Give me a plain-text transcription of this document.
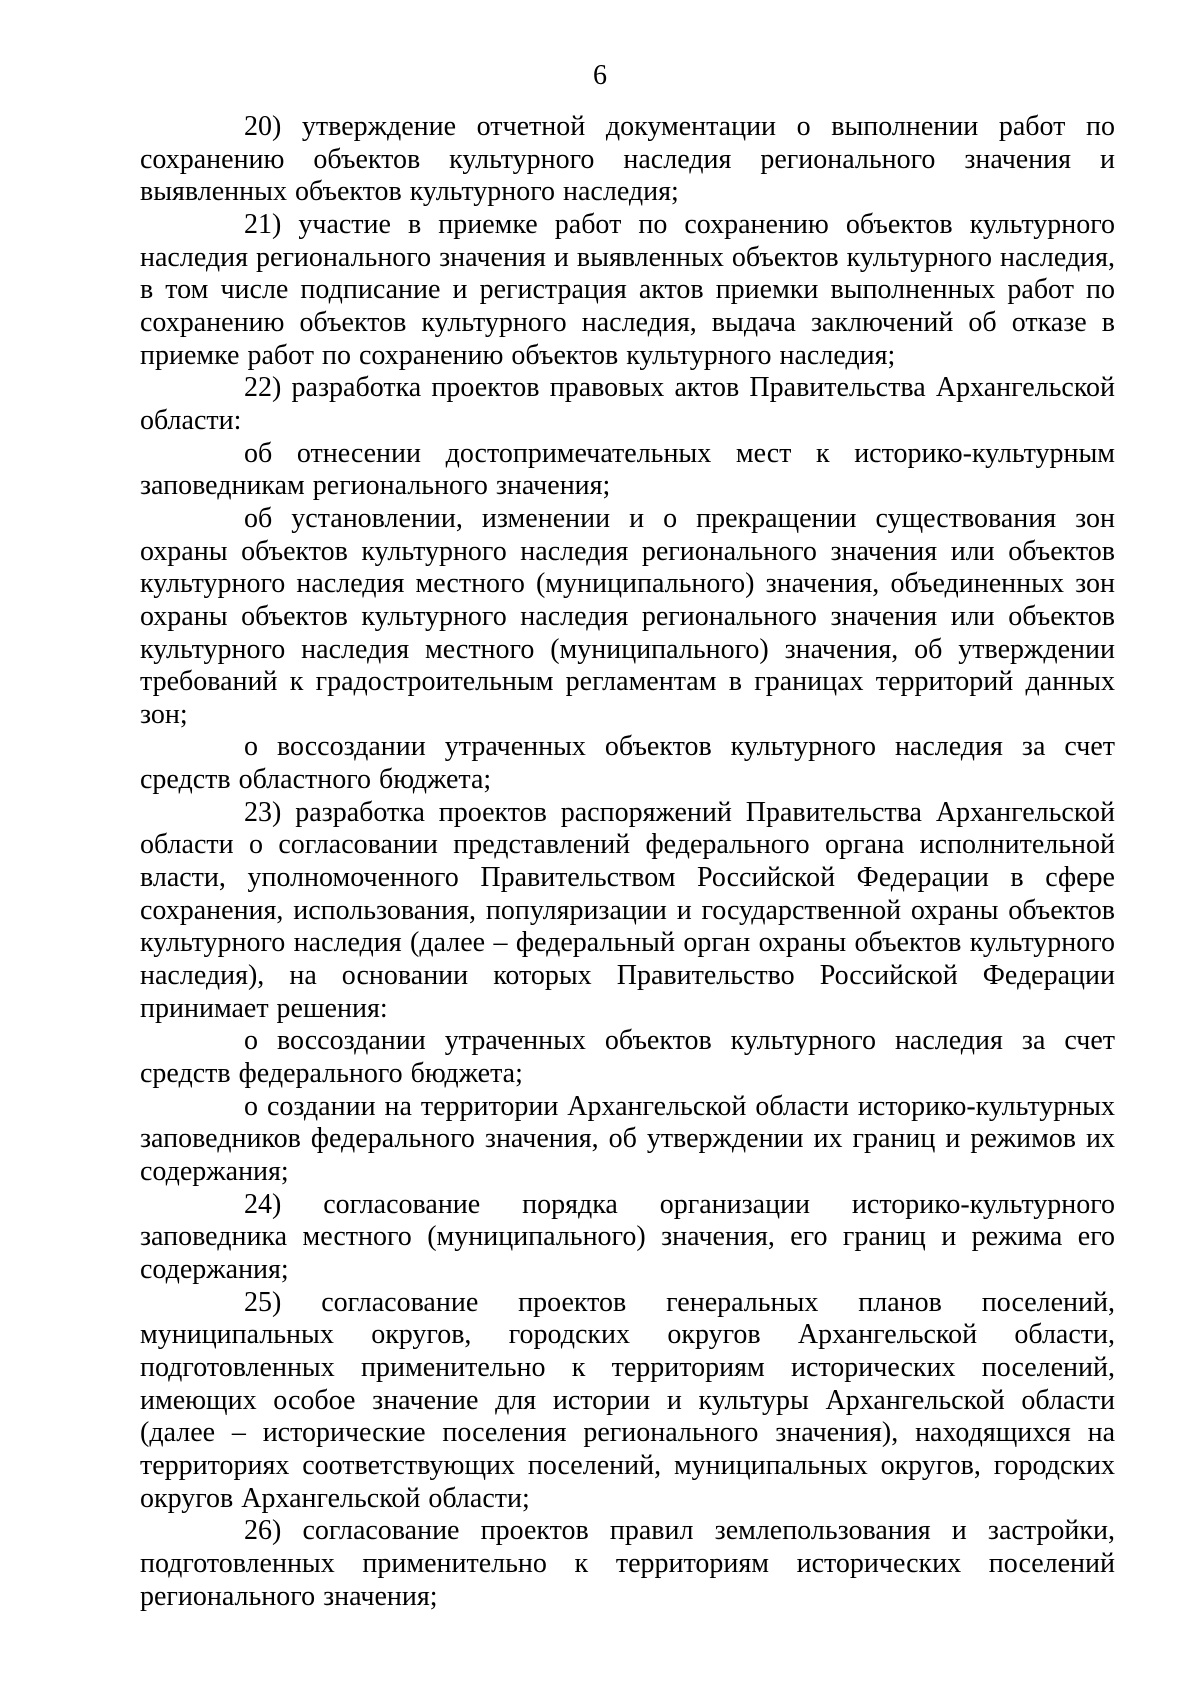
6

20) утверждение отчетной документации о выполнении работ по сохранению объектов культурного наследия регионального значения и выявленных объектов культурного наследия;

21) участие в приемке работ по сохранению объектов культурного наследия регионального значения и выявленных объектов культурного наследия, в том числе подписание и регистрация актов приемки выполненных работ по сохранению объектов культурного наследия, выдача заключений об отказе в приемке работ по сохранению объектов культурного наследия;

22) разработка проектов правовых актов Правительства Архангельской области:

об отнесении достопримечательных мест к историко-культурным заповедникам регионального значения;

об установлении, изменении и о прекращении существования зон охраны объектов культурного наследия регионального значения или объектов культурного наследия местного (муниципального) значения, объединенных зон охраны объектов культурного наследия регионального значения или объектов культурного наследия местного (муниципального) значения, об утверждении требований к градостроительным регламентам в границах территорий данных зон;

о воссоздании утраченных объектов культурного наследия за счет средств областного бюджета;

23) разработка проектов распоряжений Правительства Архангельской области о согласовании представлений федерального органа исполнительной власти, уполномоченного Правительством Российской Федерации в сфере сохранения, использования, популяризации и государственной охраны объектов культурного наследия (далее – федеральный орган охраны объектов культурного наследия), на основании которых Правительство Российской Федерации принимает решения:

о воссоздании утраченных объектов культурного наследия за счет средств федерального бюджета;

о создании на территории Архангельской области историко-культурных заповедников федерального значения, об утверждении их границ и режимов их содержания;

24) согласование порядка организации историко-культурного заповедника местного (муниципального) значения, его границ и режима его содержания;

25) согласование проектов генеральных планов поселений, муниципальных округов, городских округов Архангельской области, подготовленных применительно к территориям исторических поселений, имеющих особое значение для истории и культуры Архангельской области (далее – исторические поселения регионального значения), находящихся на территориях соответствующих поселений, муниципальных округов, городских округов Архангельской области;

26) согласование проектов правил землепользования и застройки, подготовленных применительно к территориям исторических поселений регионального значения;
